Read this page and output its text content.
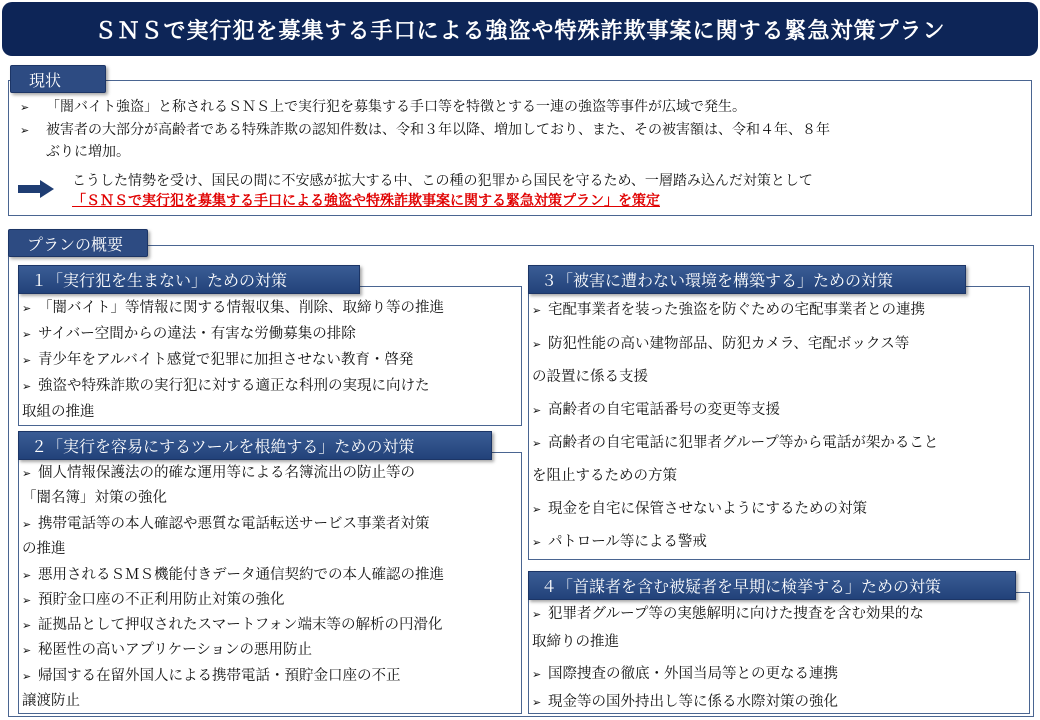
ＳＮＳで実行犯を募集する手口による強盗や特殊詐欺事案に関する緊急対策プラン
現状
➢ 「闇バイト強盗」と称されるＳＮＳ上で実行犯を募集する手口等を特徴とする一連の強盗等事件が広域で発生。
➢ 被害者の大部分が高齢者である特殊詐欺の認知件数は、令和３年以降、増加しており、また、その被害額は、令和４年、８年
ぶりに増加。
こうした情勢を受け、国民の間に不安感が拡大する中、この種の犯罪から国民を守るため、一層踏み込んだ対策として
「ＳＮＳで実行犯を募集する手口による強盗や特殊詐欺事案に関する緊急対策プラン」を策定
プランの概要
１「実行犯を生まない」ための対策
➢ 「闇バイト」等情報に関する情報収集、削除、取締り等の推進
➢ サイバー空間からの違法・有害な労働募集の排除
➢ 青少年をアルバイト感覚で犯罪に加担させない教育・啓発
➢ 強盗や特殊詐欺の実行犯に対する適正な科刑の実現に向けた
取組の推進
２「実行を容易にするツールを根絶する」ための対策
➢ 個人情報保護法の的確な運用等による名簿流出の防止等の
「闇名簿」対策の強化
➢ 携帯電話等の本人確認や悪質な電話転送サービス事業者対策
の推進
➢ 悪用されるＳＭＳ機能付きデータ通信契約での本人確認の推進
➢ 預貯金口座の不正利用防止対策の強化
➢ 証拠品として押収されたスマートフォン端末等の解析の円滑化
➢ 秘匿性の高いアプリケーションの悪用防止
➢ 帰国する在留外国人による携帯電話・預貯金口座の不正
譲渡防止
３「被害に遭わない環境を構築する」ための対策
➢ 宅配事業者を装った強盗を防ぐための宅配事業者との連携
➢ 防犯性能の高い建物部品、防犯カメラ、宅配ボックス等
の設置に係る支援
➢ 高齢者の自宅電話番号の変更等支援
➢ 高齢者の自宅電話に犯罪者グループ等から電話が架かること
を阻止するための方策
➢ 現金を自宅に保管させないようにするための対策
➢ パトロール等による警戒
４「首謀者を含む被疑者を早期に検挙する」ための対策
➢ 犯罪者グループ等の実態解明に向けた捜査を含む効果的な
取締りの推進
➢ 国際捜査の徹底・外国当局等との更なる連携
➢ 現金等の国外持出し等に係る水際対策の強化
